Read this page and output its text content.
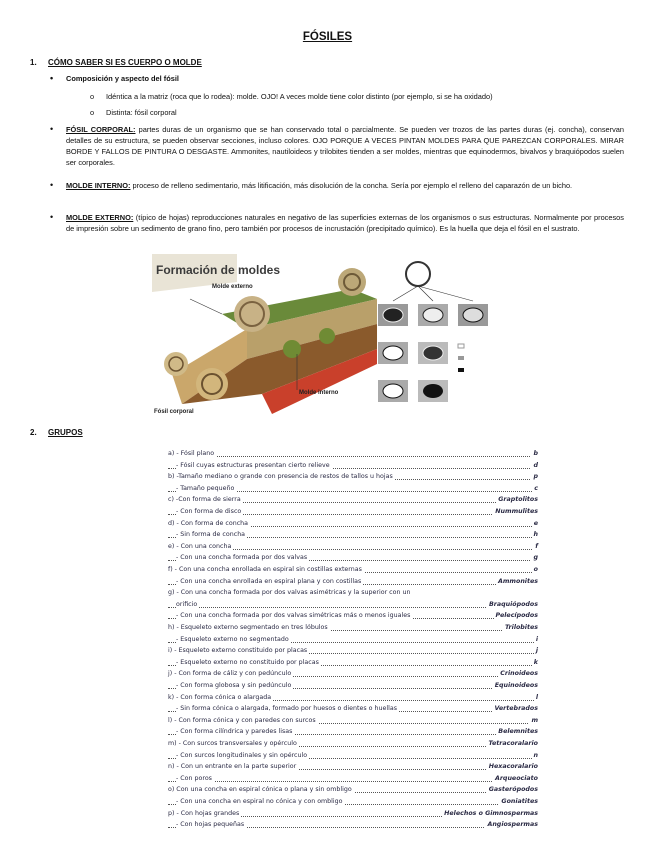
FÓSILES
1. CÓMO SABER SI ES CUERPO O MOLDE
• Composición y aspecto del fósil
o Idéntica a la matriz (roca que lo rodea): molde. OJO! A veces molde tiene color distinto (por ejemplo, si se ha oxidado)
o Distinta: fósil corporal
• FÓSIL CORPORAL: partes duras de un organismo que se han conservado total o parcialmente. Se pueden ver trozos de las partes duras (ej. concha), conservan detalles de su estructura, se pueden observar secciones, incluso colores. OJO PORQUE A VECES PINTAN MOLDES PARA QUE PAREZCAN CORPORALES. MIRAR BORDE Y FALLOS DE PINTURA O DESGASTE. Ammonites, nautiloideos y trilobites tienden a ser moldes, mientras que equinodermos, bivalvos y braquiópodos suelen ser corporales.
• MOLDE INTERNO: proceso de relleno sedimentario, más litificación, más disolución de la concha. Sería por ejemplo el relleno del caparazón de un bicho.
• MOLDE EXTERNO: (típico de hojas) reproducciones naturales en negativo de las superficies externas de los organismos o sus estructuras. Normalmente por procesos de impresión sobre un sedimento de grano fino, pero también por procesos de incrustación (precipitado químico). Es la huella que deja el fósil en el sustrato.
Formación de moldes
Molde externo
Molde interno
Fósil corporal
2. GRUPOS
a) - Fósil plano	b
- Fósil cuyas estructuras presentan cierto relieve	d
b) -Tamaño mediano o grande con presencia de restos de tallos u hojas	p
- Tamaño pequeño	c
c) -Con forma de sierra	Graptolitos
- Con forma de disco	Nummulites
d) - Con forma de concha	e
- Sin forma de concha	h
e) - Con una concha	f
- Con una concha formada por dos valvas	g
f) - Con una concha enrollada en espiral sin costillas externas	o
- Con una concha enrollada en espiral plana y con costillas	Ammonites
g) - Con una concha formada por dos valvas asimétricas y la superior con un
orificio	Braquiópodos
- Con una concha formada por dos valvas simétricas más o menos iguales	Pelecípodos
h) - Esqueleto externo segmentado en tres lóbulos	Trilobites
- Esqueleto externo no segmentado	i
i) - Esqueleto externo constituido por placas	j
- Esqueleto externo no constituido por placas	k
j) - Con forma de cáliz y con pedúnculo	Crinoideos
- Con forma globosa y sin pedúnculo	Equinoideos
k) - Con forma cónica o alargada	l
- Sin forma cónica o alargada, formado por huesos o dientes o huellas	Vertebrados
l) - Con forma cónica y con paredes con surcos	m
- Con forma cilíndrica y paredes lisas	Belemnites
m) - Con surcos transversales y opérculo	Tetracoralario
- Con surcos longitudinales y sin opérculo	n
n) - Con un entrante en la parte superior	Hexacoralario
- Con poros	Arqueociato
o) Con una concha en espiral cónica o plana y sin ombligo	Gasterópodos
- Con una concha en espiral no cónica y con ombligo	Goniatites
p) - Con hojas grandes	Helechos o Gimnospermas
- Con hojas pequeñas	Angiospermas
